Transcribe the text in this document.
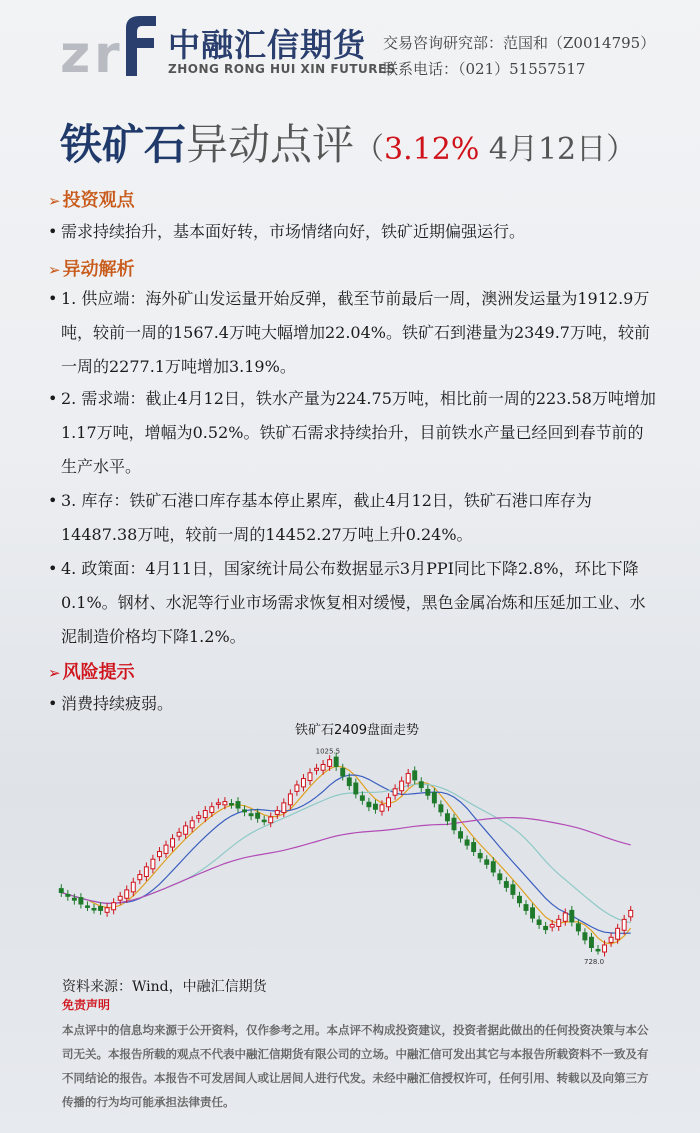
z r 中融汇信期货
ZHONG RONG HUI XIN FUTURES
交易咨询研究部：范国和（Z0014795）
联系电话：（021）51557517
铁矿石异动点评（3.12% 4月12日）
➢ 投资观点
• 需求持续抬升，基本面好转，市场情绪向好，铁矿近期偏强运行。
➢ 异动解析
• 1. 供应端：海外矿山发运量开始反弹，截至节前最后一周，澳洲发运量为1912.9万吨，较前一周的1567.4万吨大幅增加22.04%。铁矿石到港量为2349.7万吨，较前一周的2277.1万吨增加3.19%。
• 2. 需求端：截止4月12日，铁水产量为224.75万吨，相比前一周的223.58万吨增加1.17万吨，增幅为0.52%。铁矿石需求持续抬升，目前铁水产量已经回到春节前的生产水平。
• 3. 库存：铁矿石港口库存基本停止累库，截止4月12日，铁矿石港口库存为14487.38万吨，较前一周的14452.27万吨上升0.24%。
• 4. 政策面：4月11日，国家统计局公布数据显示3月PPI同比下降2.8%，环比下降0.1%。钢材、水泥等行业市场需求恢复相对缓慢，黑色金属冶炼和压延加工业、水泥制造价格均下降1.2%。
➢ 风险提示
• 消费持续疲弱。
铁矿石2409盘面走势
1025.5
728.0
资料来源：Wind，中融汇信期货
免责声明
本点评中的信息均来源于公开资料，仅作参考之用。本点评不构成投资建议，投资者据此做出的任何投资决策与本公司无关。本报告所载的观点不代表中融汇信期货有限公司的立场。中融汇信可发出其它与本报告所载资料不一致及有不同结论的报告。本报告不可发居间人或让居间人进行代发。未经中融汇信授权许可，任何引用、转载以及向第三方传播的行为均可能承担法律责任。
